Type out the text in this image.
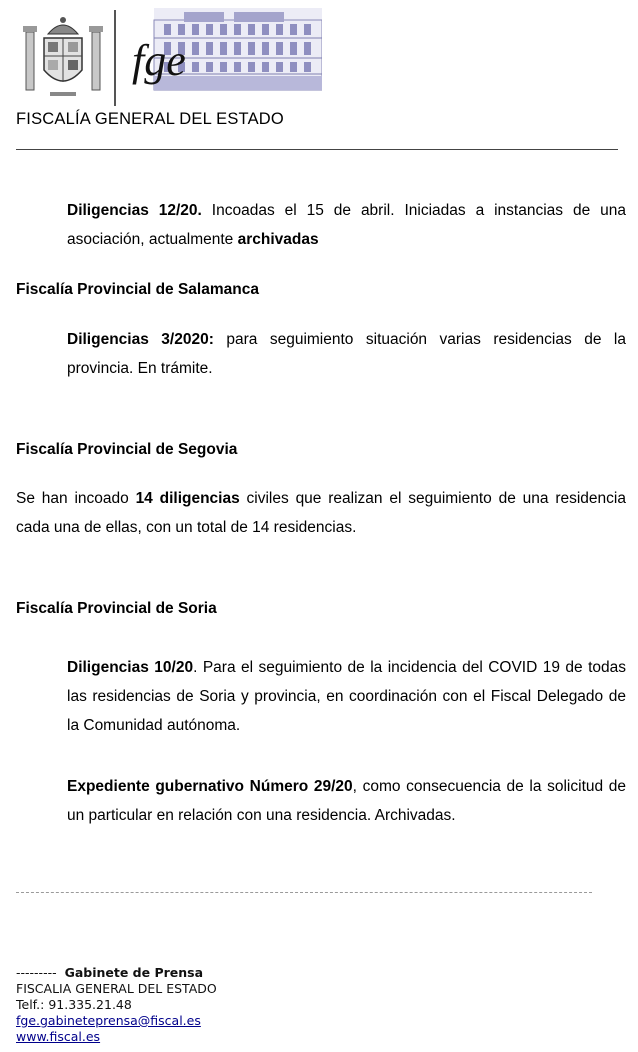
fge
FISCALÍA GENERAL DEL ESTADO
Diligencias 12/20. Incoadas el 15 de abril. Iniciadas a instancias de una asociación, actualmente archivadas
Fiscalía Provincial de Salamanca
Diligencias 3/2020: para seguimiento situación varias residencias de la provincia. En trámite.
Fiscalía Provincial de Segovia
Se han incoado 14 diligencias civiles que realizan el seguimiento de una residencia cada una de ellas, con un total de 14 residencias.
Fiscalía Provincial de Soria
Diligencias 10/20. Para el seguimiento de la incidencia del COVID 19 de todas las residencias de Soria y provincia, en coordinación con el Fiscal Delegado de la Comunidad autónoma.
Expediente gubernativo Número 29/20, como consecuencia de la solicitud de un particular en relación con una residencia. Archivadas.
--------- Gabinete de Prensa
FISCALIA GENERAL DEL ESTADO
Telf.: 91.335.21.48
fge.gabineteprensa@fiscal.es
www.fiscal.es
